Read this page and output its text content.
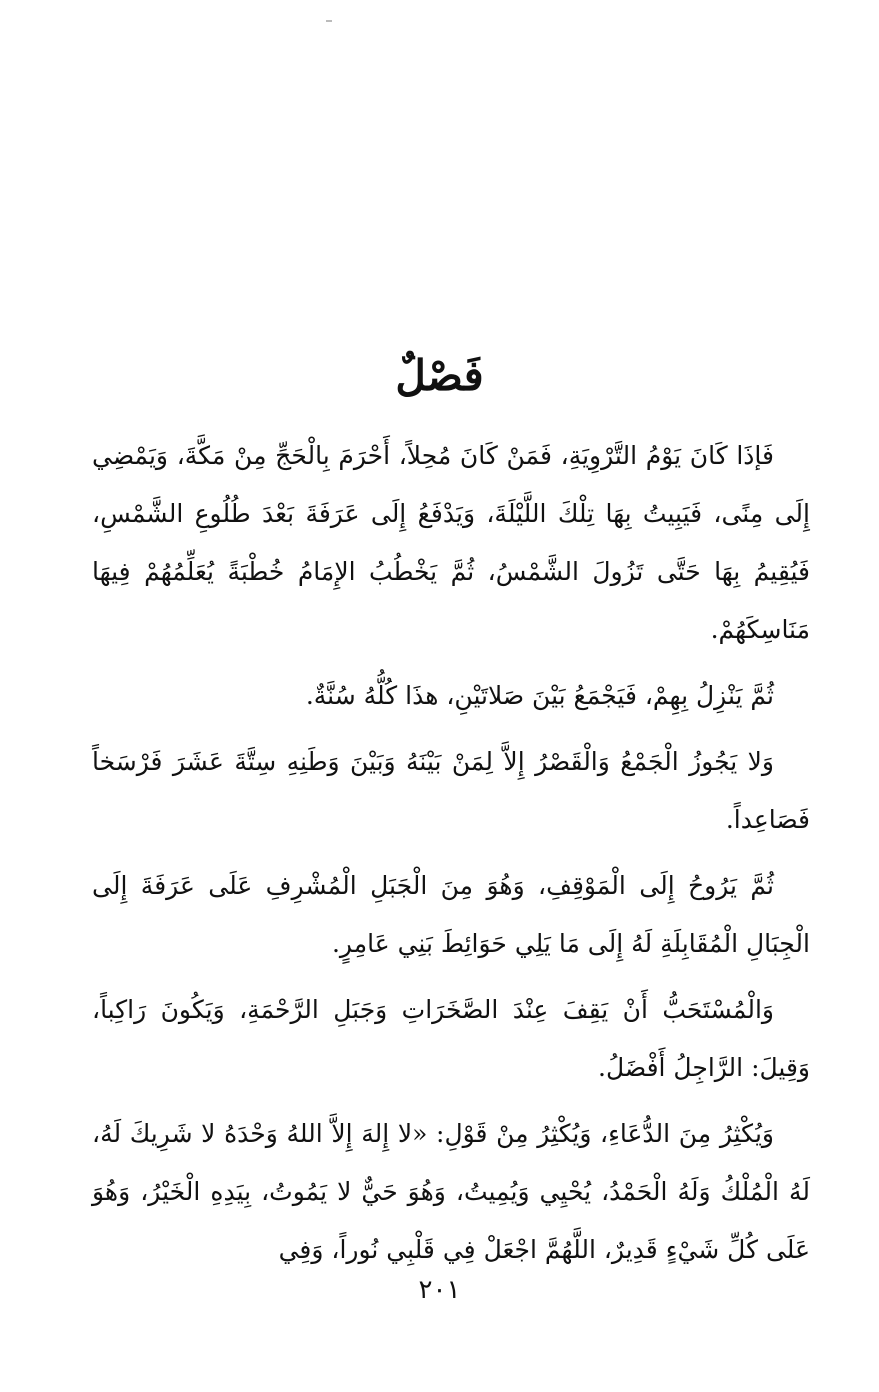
فَصْلٌ

فَإذَا كَانَ يَوْمُ التَّرْوِيَةِ، فَمَنْ كَانَ مُحِلاً، أَحْرَمَ بِالْحَجِّ مِنْ مَكَّةَ، وَيَمْضِي إِلَى مِنًى، فَيَبِيتُ بِهَا تِلْكَ اللَّيْلَةَ، وَيَدْفَعُ إِلَى عَرَفَةَ بَعْدَ طُلُوعِ الشَّمْسِ، فَيُقِيمُ بِهَا حَتَّى تَزُولَ الشَّمْسُ، ثُمَّ يَخْطُبُ الإِمَامُ خُطْبَةً يُعَلِّمُهُمْ فِيهَا مَنَاسِكَهُمْ.

ثُمَّ يَنْزِلُ بِهِمْ، فَيَجْمَعُ بَيْنَ صَلاتَيْنِ، هذَا كُلُّهُ سُنَّةٌ.

وَلا يَجُوزُ الْجَمْعُ وَالْقَصْرُ إِلاَّ لِمَنْ بَيْنَهُ وَبَيْنَ وَطَنِهِ سِتَّةَ عَشَرَ فَرْسَخاً فَصَاعِداً.

ثُمَّ يَرُوحُ إِلَى الْمَوْقِفِ، وَهُوَ مِنَ الْجَبَلِ الْمُشْرِفِ عَلَى عَرَفَةَ إِلَى الْجِبَالِ الْمُقَابِلَةِ لَهُ إِلَى مَا يَلِي حَوَائِطَ بَنِي عَامِرٍ.

وَالْمُسْتَحَبُّ أَنْ يَقِفَ عِنْدَ الصَّخَرَاتِ وَجَبَلِ الرَّحْمَةِ، وَيَكُونَ رَاكِباً، وَقِيلَ: الرَّاجِلُ أَفْضَلُ.

وَيُكْثِرُ مِنَ الدُّعَاءِ، وَيُكْثِرُ مِنْ قَوْلِ: «لا إِلهَ إِلاَّ اللهُ وَحْدَهُ لا شَرِيكَ لَهُ، لَهُ الْمُلْكُ وَلَهُ الْحَمْدُ، يُحْيِي وَيُمِيتُ، وَهُوَ حَيٌّ لا يَمُوتُ، بِيَدِهِ الْخَيْرُ، وَهُوَ عَلَى كُلِّ شَيْءٍ قَدِيرٌ، اللَّهُمَّ اجْعَلْ فِي قَلْبِي نُوراً، وَفِي

٢٠١
